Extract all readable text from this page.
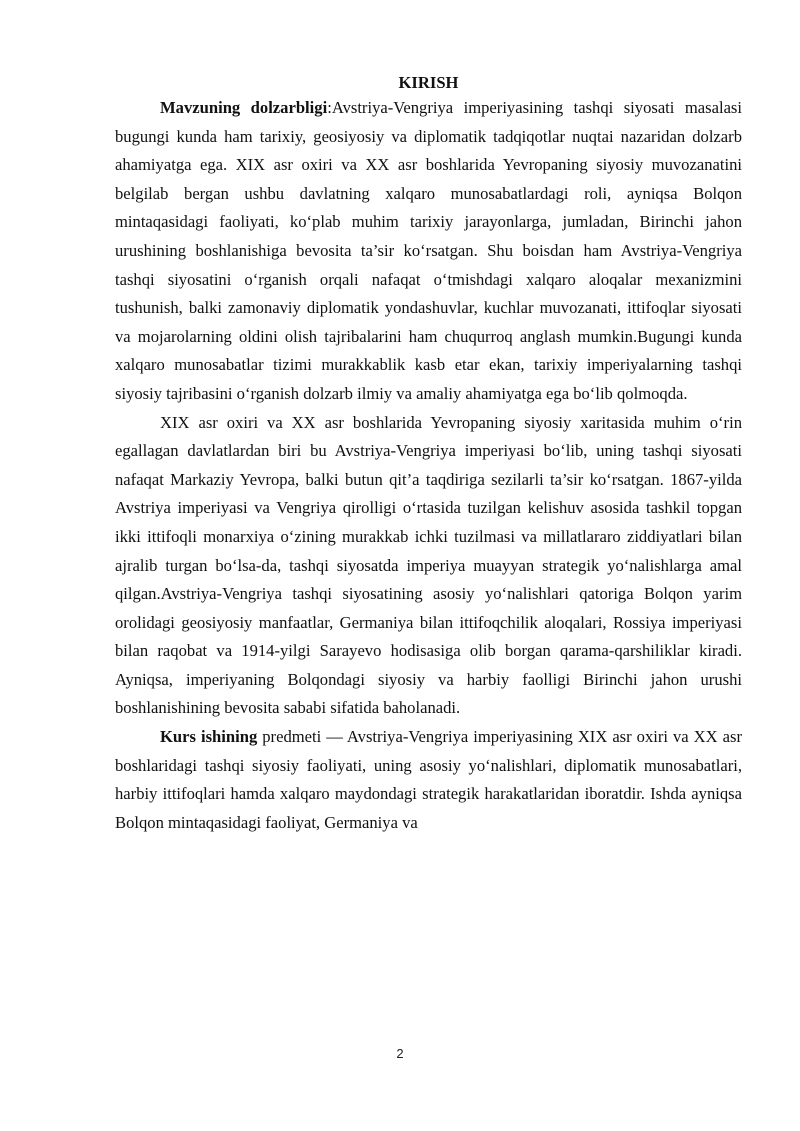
KIRISH

Mavzuning dolzarbligi:Avstriya-Vengriya imperiyasining tashqi siyosati masalasi bugungi kunda ham tarixiy, geosiyosiy va diplomatik tadqiqotlar nuqtai nazaridan dolzarb ahamiyatga ega. XIX asr oxiri va XX asr boshlarida Yevropaning siyosiy muvozanatini belgilab bergan ushbu davlatning xalqaro munosabatlardagi roli, ayniqsa Bolqon mintaqasidagi faoliyati, ko‘plab muhim tarixiy jarayonlarga, jumladan, Birinchi jahon urushining boshlanishiga bevosita ta’sir ko‘rsatgan. Shu boisdan ham Avstriya-Vengriya tashqi siyosatini o‘rganish orqali nafaqat o‘tmishdagi xalqaro aloqalar mexanizmini tushunish, balki zamonaviy diplomatik yondashuvlar, kuchlar muvozanati, ittifoqlar siyosati va mojarolarning oldini olish tajribalarini ham chuqurroq anglash mumkin.Bugungi kunda xalqaro munosabatlar tizimi murakkablik kasb etar ekan, tarixiy imperiyalarning tashqi siyosiy tajribasini o‘rganish dolzarb ilmiy va amaliy ahamiyatga ega bo‘lib qolmoqda.

XIX asr oxiri va XX asr boshlarida Yevropaning siyosiy xaritasida muhim o‘rin egallagan davlatlardan biri bu Avstriya-Vengriya imperiyasi bo‘lib, uning tashqi siyosati nafaqat Markaziy Yevropa, balki butun qit’a taqdiriga sezilarli ta’sir ko‘rsatgan. 1867-yilda Avstriya imperiyasi va Vengriya qirolligi o‘rtasida tuzilgan kelishuv asosida tashkil topgan ikki ittifoqli monarxiya o‘zining murakkab ichki tuzilmasi va millatlararo ziddiyatlari bilan ajralib turgan bo‘lsa-da, tashqi siyosatda imperiya muayyan strategik yo‘nalishlarga amal qilgan.Avstriya-Vengriya tashqi siyosatining asosiy yo‘nalishlari qatoriga Bolqon yarim orolidagi geosiyosiy manfaatlar, Germaniya bilan ittifoqchilik aloqalari, Rossiya imperiyasi bilan raqobat va 1914-yilgi Sarayevo hodisasiga olib borgan qarama-qarshiliklar kiradi. Ayniqsa, imperiyaning Bolqondagi siyosiy va harbiy faolligi Birinchi jahon urushi boshlanishining bevosita sababi sifatida baholanadi.

Kurs ishining predmeti — Avstriya-Vengriya imperiyasining XIX asr oxiri va XX asr boshlaridagi tashqi siyosiy faoliyati, uning asosiy yo‘nalishlari, diplomatik munosabatlari, harbiy ittifoqlari hamda xalqaro maydondagi strategik harakatlaridan iboratdir. Ishda ayniqsa Bolqon mintaqasidagi faoliyat, Germaniya va

2
